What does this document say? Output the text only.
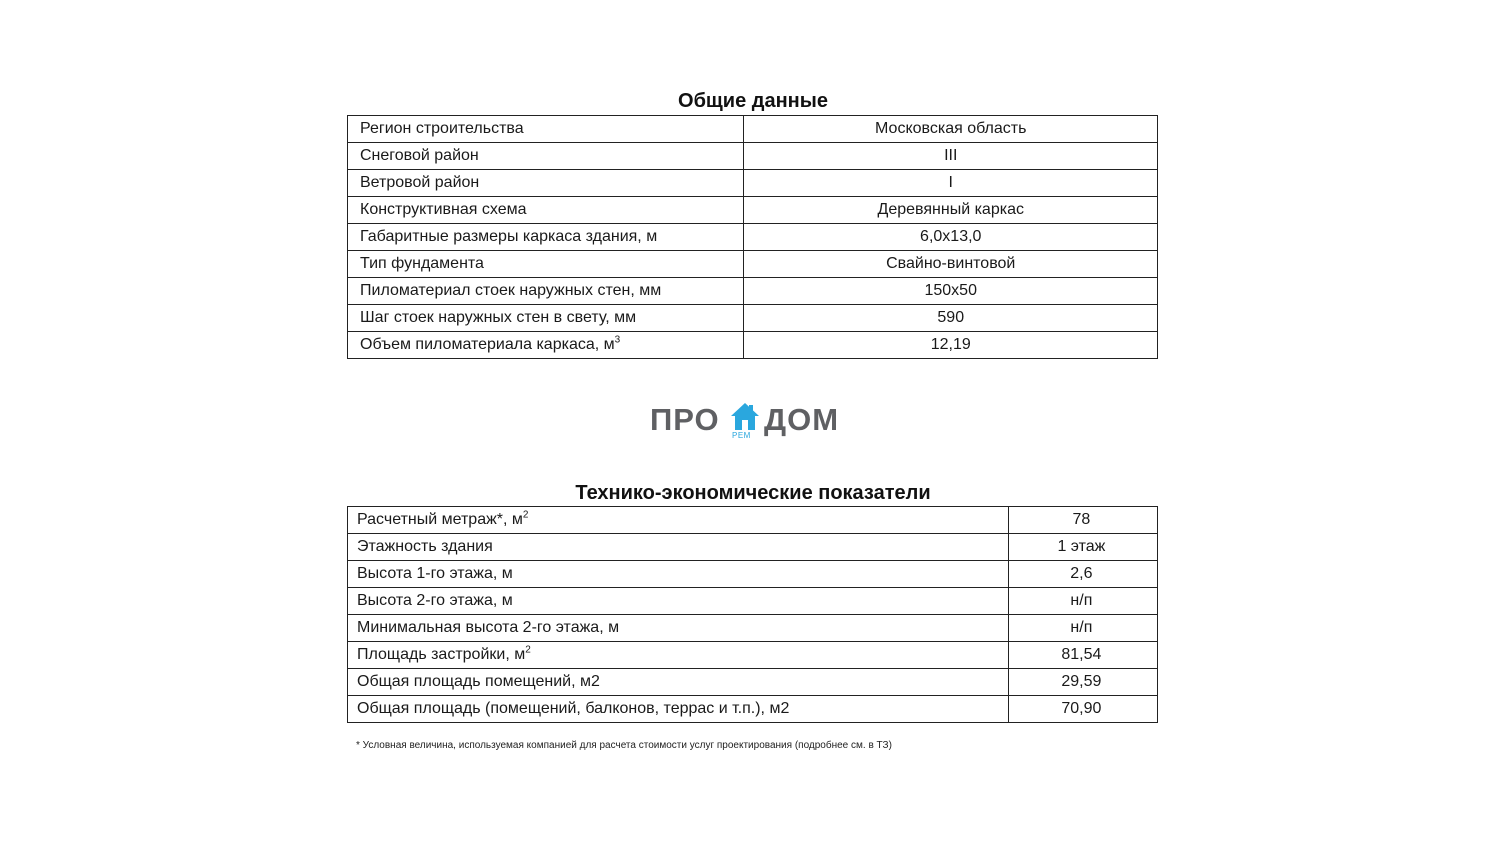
Общие данные
Регион строительства	Московская область
Снеговой район	III
Ветровой район	I
Конструктивная схема	Деревянный каркас
Габаритные размеры каркаса здания, м	6,0x13,0
Тип фундамента	Свайно-винтовой
Пиломатериал стоек наружных стен, мм	150x50
Шаг стоек наружных стен в свету, мм	590
Объем пиломатериала каркаса, $м^3$	12,19
ПРО РЕМ ДОМ
Технико-экономические показатели
Расчетный метраж*, $м^2$	78
Этажность здания	1 этаж
Высота 1-го этажа, м	2,6
Высота 2-го этажа, м	н/п
Минимальная высота 2-го этажа, м	н/п
Площадь застройки, $м^2$	81,54
Общая площадь помещений, м2	29,59
Общая площадь (помещений, балконов, террас и т.п.), м2	70,90
* Условная величина, используемая компанией для расчета стоимости услуг проектирования (подробнее см. в ТЗ)
